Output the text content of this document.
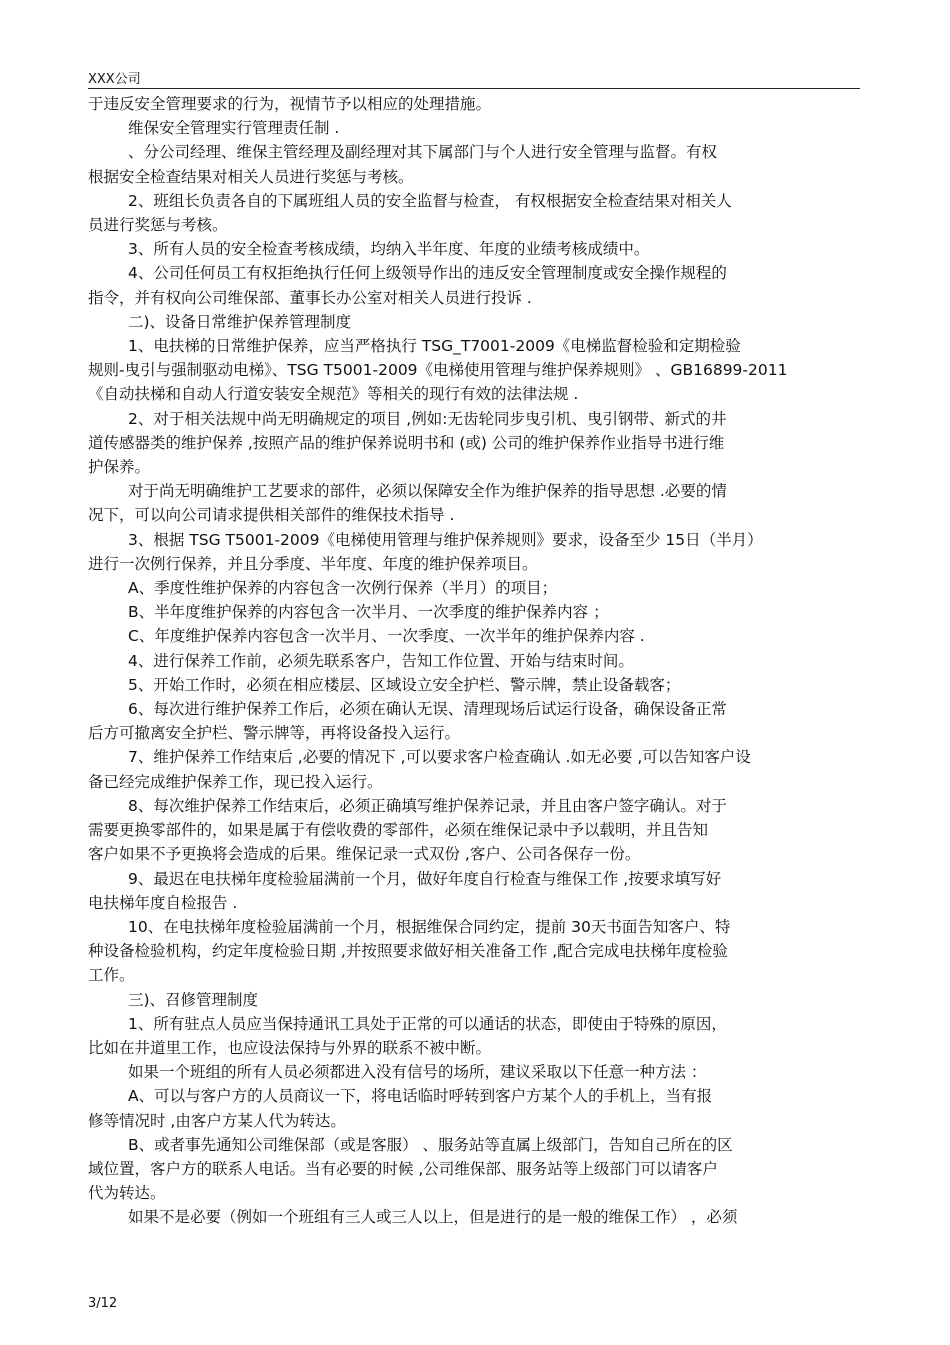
XXX公司

于违反安全管理要求的行为，视情节予以相应的处理措施。

维保安全管理实行管理责任制 .

、分公司经理、维保主管经理及副经理对其下属部门与个人进行安全管理与监督。有权

根据安全检查结果对相关人员进行奖惩与考核。

2、班组长负责各自的下属班组人员的安全监督与检查， 有权根据安全检查结果对相关人

员进行奖惩与考核。

3、所有人员的安全检查考核成绩，均纳入半年度、年度的业绩考核成绩中。

4、公司任何员工有权拒绝执行任何上级领导作出的违反安全管理制度或安全操作规程的

指令，并有权向公司维保部、董事长办公室对相关人员进行投诉 .

二)、设备日常维护保养管理制度

1、电扶梯的日常维护保养，应当严格执行 TSG_T7001-2009《电梯监督检验和定期检验

规则-曳引与强制驱动电梯》、TSG T5001-2009《电梯使用管理与维护保养规则》 、GB16899-2011

《自动扶梯和自动人行道安装安全规范》等相关的现行有效的法律法规 .

2、对于相关法规中尚无明确规定的项目 ,例如:无齿轮同步曳引机、曳引钢带、新式的井

道传感器类的维护保养 ,按照产品的维护保养说明书和 (或) 公司的维护保养作业指导书进行维

护保养。

对于尚无明确维护工艺要求的部件，必须以保障安全作为维护保养的指导思想 .必要的情

况下，可以向公司请求提供相关部件的维保技术指导 .

3、根据 TSG T5001-2009《电梯使用管理与维护保养规则》要求，设备至少 15日（半月）

进行一次例行保养，并且分季度、半年度、年度的维护保养项目。

A、季度性维护保养的内容包含一次例行保养（半月）的项目；

B、半年度维护保养的内容包含一次半月、一次季度的维护保养内容 ；

C、年度维护保养内容包含一次半月、一次季度、一次半年的维护保养内容 .

4、进行保养工作前，必须先联系客户，告知工作位置、开始与结束时间。

5、开始工作时，必须在相应楼层、区域设立安全护栏、警示牌，禁止设备载客；

6、每次进行维护保养工作后，必须在确认无误、清理现场后试运行设备，确保设备正常

后方可撤离安全护栏、警示牌等，再将设备投入运行。

7、维护保养工作结束后 ,必要的情况下 ,可以要求客户检查确认 .如无必要 ,可以告知客户设

备已经完成维护保养工作，现已投入运行。

8、每次维护保养工作结束后，必须正确填写维护保养记录，并且由客户签字确认。对于

需要更换零部件的，如果是属于有偿收费的零部件，必须在维保记录中予以载明，并且告知

客户如果不予更换将会造成的后果。维保记录一式双份 ,客户、公司各保存一份。

9、最迟在电扶梯年度检验届满前一个月，做好年度自行检查与维保工作 ,按要求填写好

电扶梯年度自检报告 .

10、在电扶梯年度检验届满前一个月，根据维保合同约定，提前 30天书面告知客户、特

种设备检验机构，约定年度检验日期 ,并按照要求做好相关准备工作 ,配合完成电扶梯年度检验

工作。

三)、召修管理制度

1、所有驻点人员应当保持通讯工具处于正常的可以通话的状态，即使由于特殊的原因，

比如在井道里工作，也应设法保持与外界的联系不被中断。

如果一个班组的所有人员必须都进入没有信号的场所，建议采取以下任意一种方法 ：

A、可以与客户方的人员商议一下，将电话临时呼转到客户方某个人的手机上，当有报

修等情况时 ,由客户方某人代为转达。

B、或者事先通知公司维保部（或是客服） 、服务站等直属上级部门，告知自己所在的区

域位置，客户方的联系人电话。当有必要的时候 ,公司维保部、服务站等上级部门可以请客户

代为转达。

如果不是必要（例如一个班组有三人或三人以上，但是进行的是一般的维保工作） ，必须

3/12
